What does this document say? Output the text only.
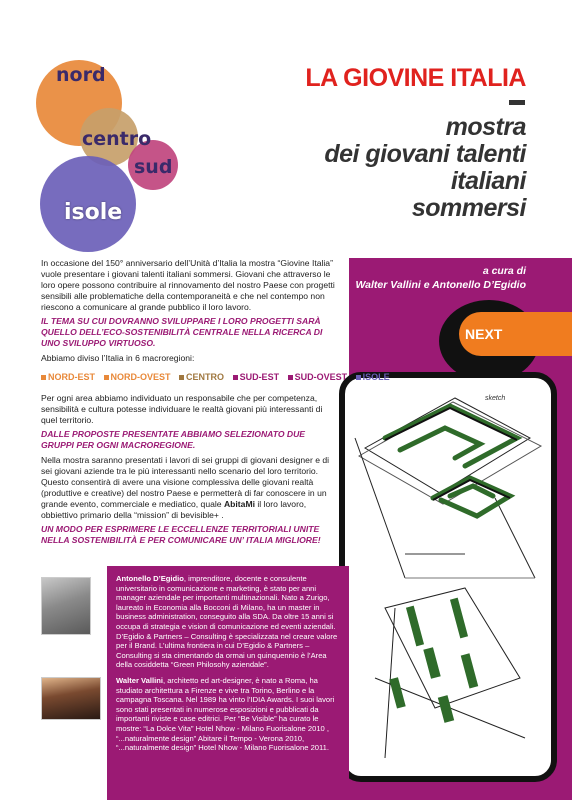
nord
centro
sud
isole
LA GIOVINE ITALIA
mostra
dei giovani talenti
italiani
sommersi
a cura di
Walter Vallini e Antonello D’Egidio
NEXT
sketch

In occasione del 150° anniversario dell’Unità d’Italia la mostra “Giovine Italia” vuole presentare i giovani talenti italiani sommersi. Giovani che attraverso le loro opere possono contribuire al rinnovamento del nostro Paese con progetti sensibili alle problematiche della contemporaneità e che nel contempo non riescono a comunicare al grande pubblico il loro lavoro.

IL TEMA SU CUI DOVRANNO SVILUPPARE I LORO PROGETTI SARÀ QUELLO DELL’ECO-SOSTENIBILITÀ CENTRALE NELLA RICERCA DI UNO SVILUPPO VIRTUOSO.

Abbiamo diviso l’Italia in 6 macroregioni:

NORD-EST NORD-OVEST CENTRO SUD-EST SUD-OVEST ISOLE

Per ogni area abbiamo individuato un responsabile che per competenza, sensibilità e cultura potesse individuare le realtà giovani più interessanti di quel territorio.

DALLE PROPOSTE PRESENTATE ABBIAMO SELEZIONATO DUE GRUPPI PER OGNI MACROREGIONE.

Nella mostra saranno presentati i lavori di sei gruppi di giovani designer e di sei giovani aziende tra le più interessanti nello scenario del loro territorio. Questo consentirà di avere una visione complessiva delle giovani realtà (produttive e creative) del nostro Paese e permetterà di far conoscere in un grande evento, commerciale e mediatico, quale AbitaMi il loro lavoro, obbiettivo primario della “mission” di bevisible+ .

UN MODO PER ESPRIMERE LE ECCELLENZE TERRITORIALI UNITE NELLA SOSTENIBILITÀ E PER COMUNICARE UN’ ITALIA MIGLIORE!

Antonello D’Egidio, imprenditore, docente e consulente universitario in comunicazione e marketing, è stato per anni manager aziendale per importanti multinazionali. Nato a Zurigo, laureato in Economia alla Bocconi di Milano, ha un master in business administration, conseguito alla SDA. Da oltre 15 anni si occupa di strategia e vision di comunicazione ed eventi aziendali. D’Egidio & Partners – Consulting è specializzata nel creare valore per il Brand. L’ultima frontiera in cui D’Egidio & Partners – Consulting si sta cimentando da ormai un quinquennio è l’Area della cosiddetta “Green Philosohy aziendale”.
Walter Vallini, architetto ed art-designer, è nato a Roma, ha studiato architettura a Firenze e vive tra Torino, Berlino e la campagna Toscana. Nel 1989 ha vinto l’IDIA Awards. I suoi lavori sono stati presentati in numerose esposizioni e pubblicati da importanti riviste e case editrici. Per “Be Visible” ha curato le mostre: “La Dolce Vita” Hotel Nhow - Milano Fuorisalone 2010 , “...naturalmente design” Abitare il Tempo - Verona 2010, “...naturalmente design” Hotel Nhow - Milano Fuorisalone 2011.
